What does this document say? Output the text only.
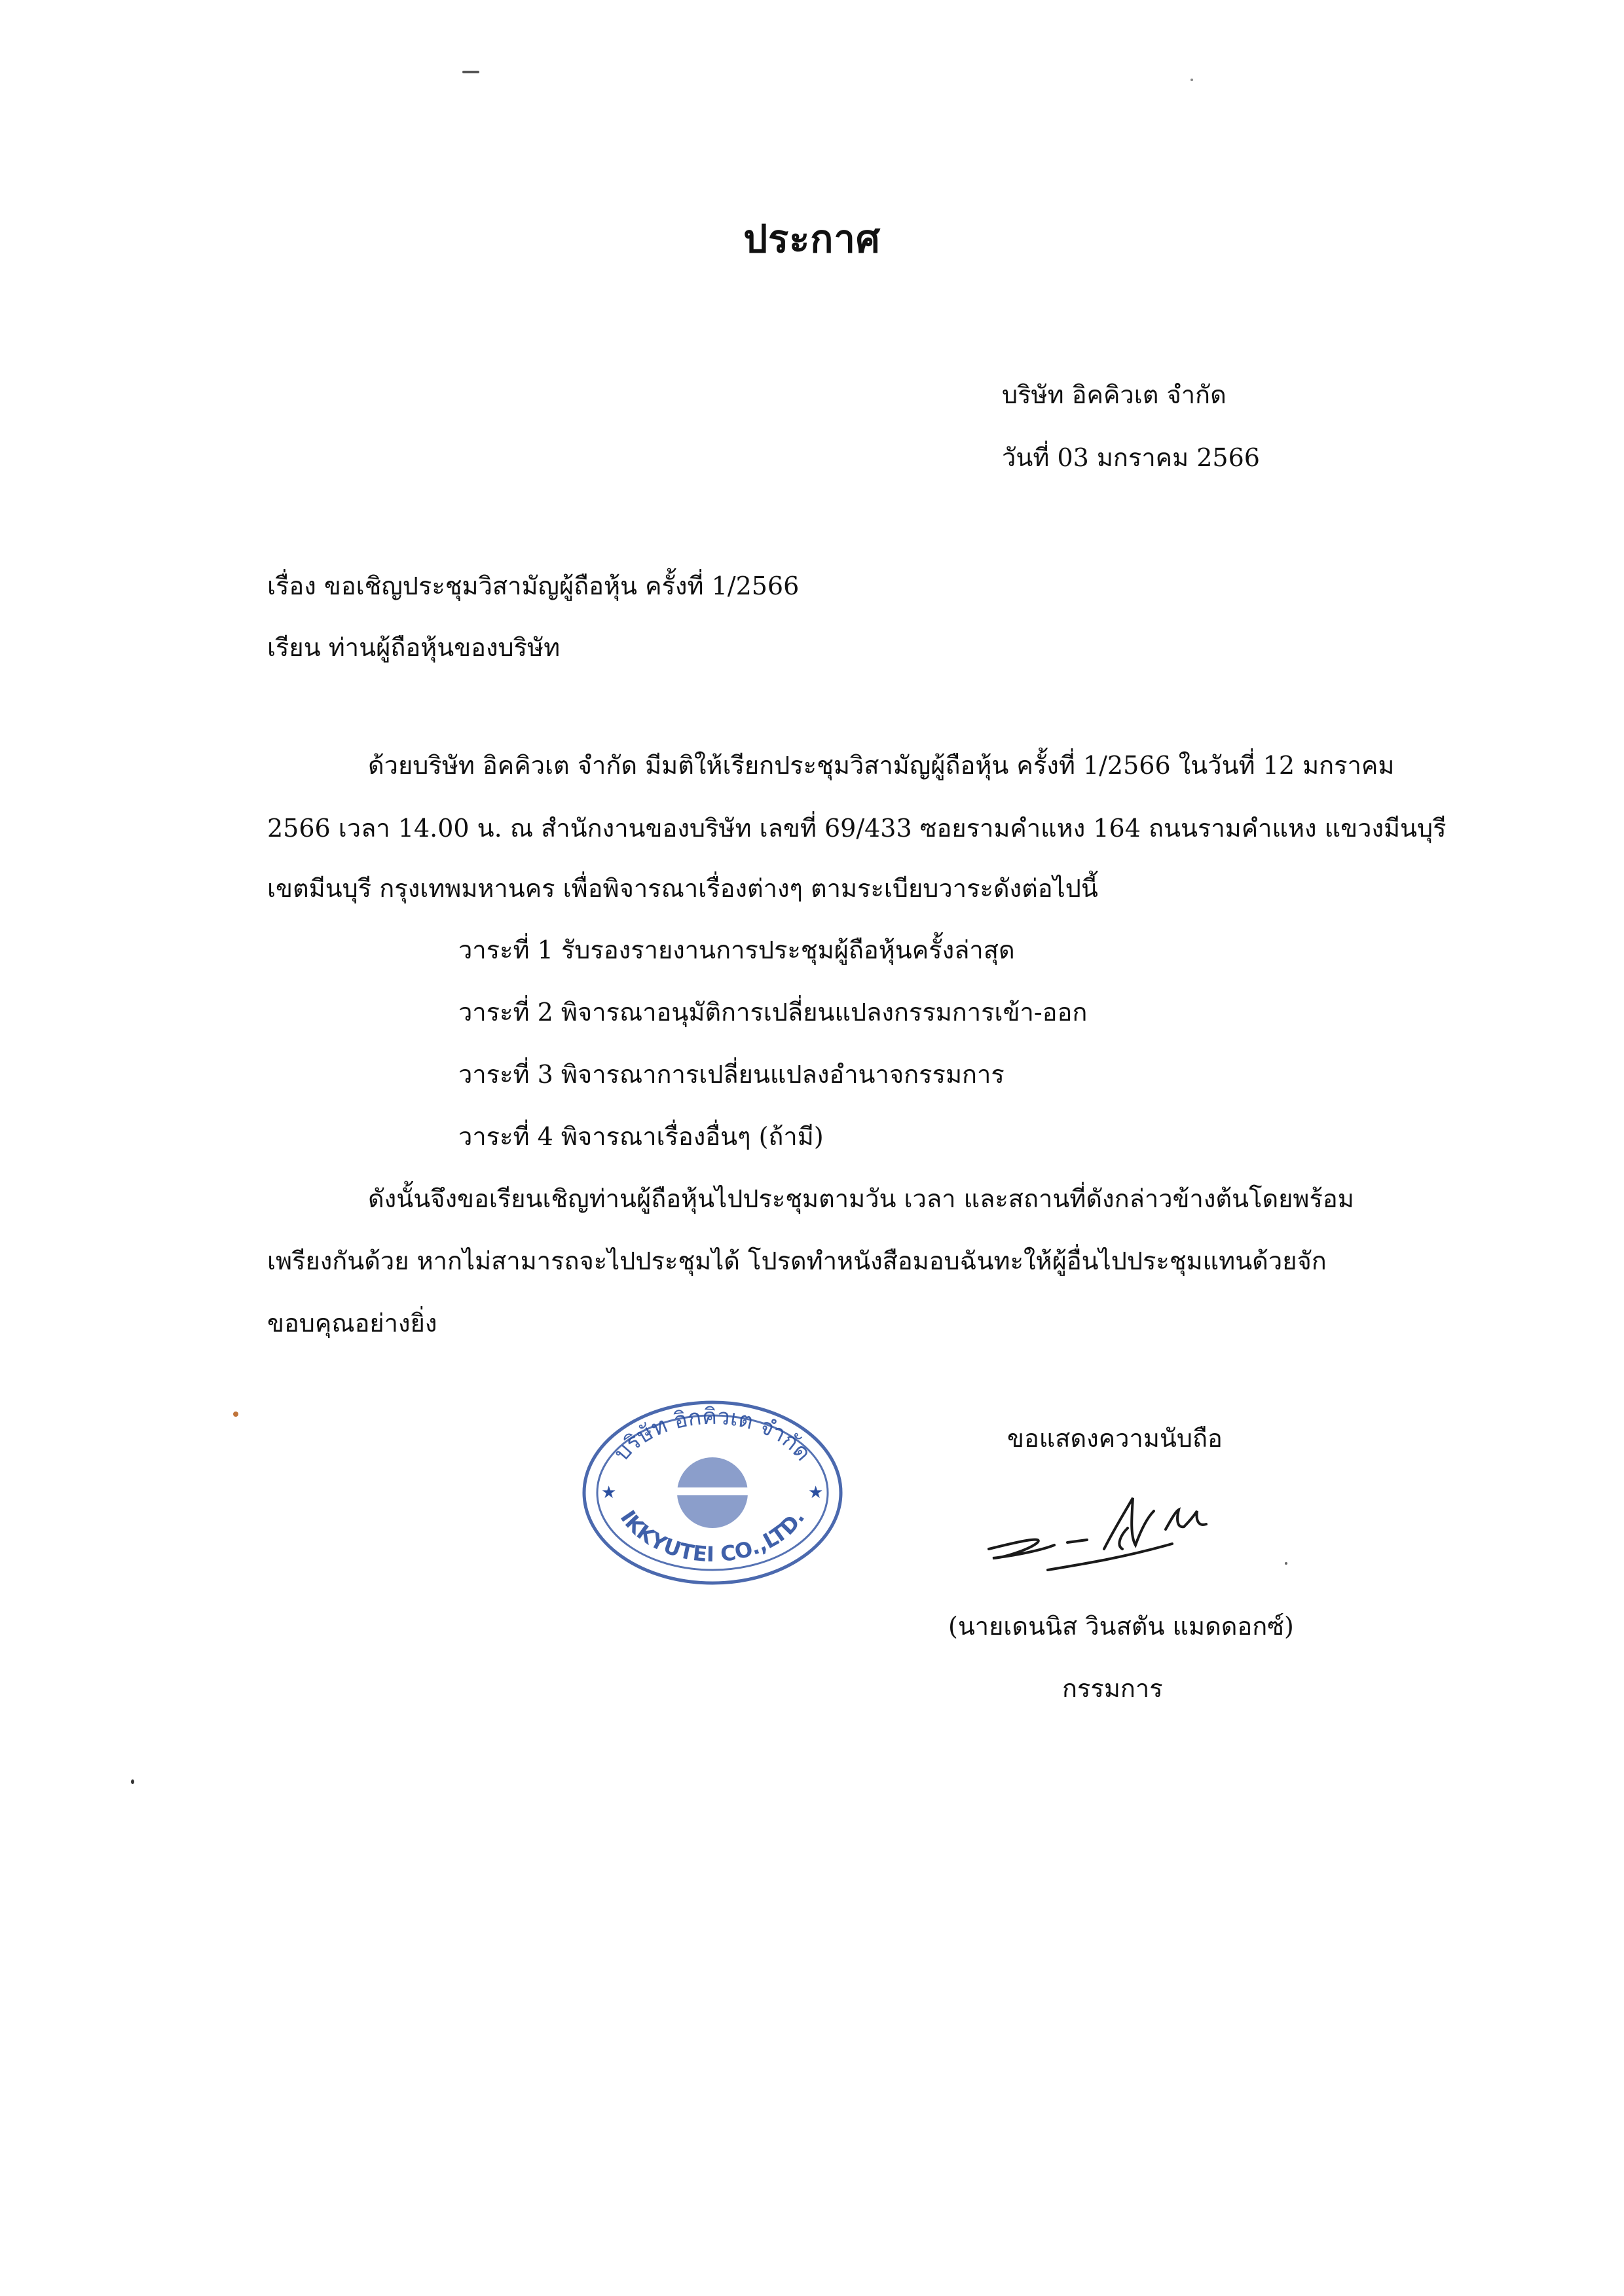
ประกาศ
บริษัท อิคคิวเต จำกัด
วันที่ 03 มกราคม 2566
เรื่อง ขอเชิญประชุมวิสามัญผู้ถือหุ้น ครั้งที่ 1/2566
เรียน ท่านผู้ถือหุ้นของบริษัท
ด้วยบริษัท อิคคิวเต จำกัด มีมติให้เรียกประชุมวิสามัญผู้ถือหุ้น ครั้งที่ 1/2566 ในวันที่ 12 มกราคม
2566 เวลา 14.00 น. ณ สำนักงานของบริษัท เลขที่ 69/433 ซอยรามคำแหง 164 ถนนรามคำแหง แขวงมีนบุรี
เขตมีนบุรี กรุงเทพมหานคร เพื่อพิจารณาเรื่องต่างๆ ตามระเบียบวาระดังต่อไปนี้
วาระที่ 1 รับรองรายงานการประชุมผู้ถือหุ้นครั้งล่าสุด
วาระที่ 2 พิจารณาอนุมัติการเปลี่ยนแปลงกรรมการเข้า-ออก
วาระที่ 3 พิจารณาการเปลี่ยนแปลงอำนาจกรรมการ
วาระที่ 4 พิจารณาเรื่องอื่นๆ (ถ้ามี)
ดังนั้นจึงขอเรียนเชิญท่านผู้ถือหุ้นไปประชุมตามวัน เวลา และสถานที่ดังกล่าวข้างต้นโดยพร้อม
เพรียงกันด้วย หากไม่สามารถจะไปประชุมได้ โปรดทำหนังสือมอบฉันทะให้ผู้อื่นไปประชุมแทนด้วยจัก
ขอบคุณอย่างยิ่ง
บริษัท อิกคิวเต จำกัด
IKKYUTEI CO.,LTD.
★	★
ขอแสดงความนับถือ
(นายเดนนิส วินสตัน แมดดอกซ์)
กรรมการ
